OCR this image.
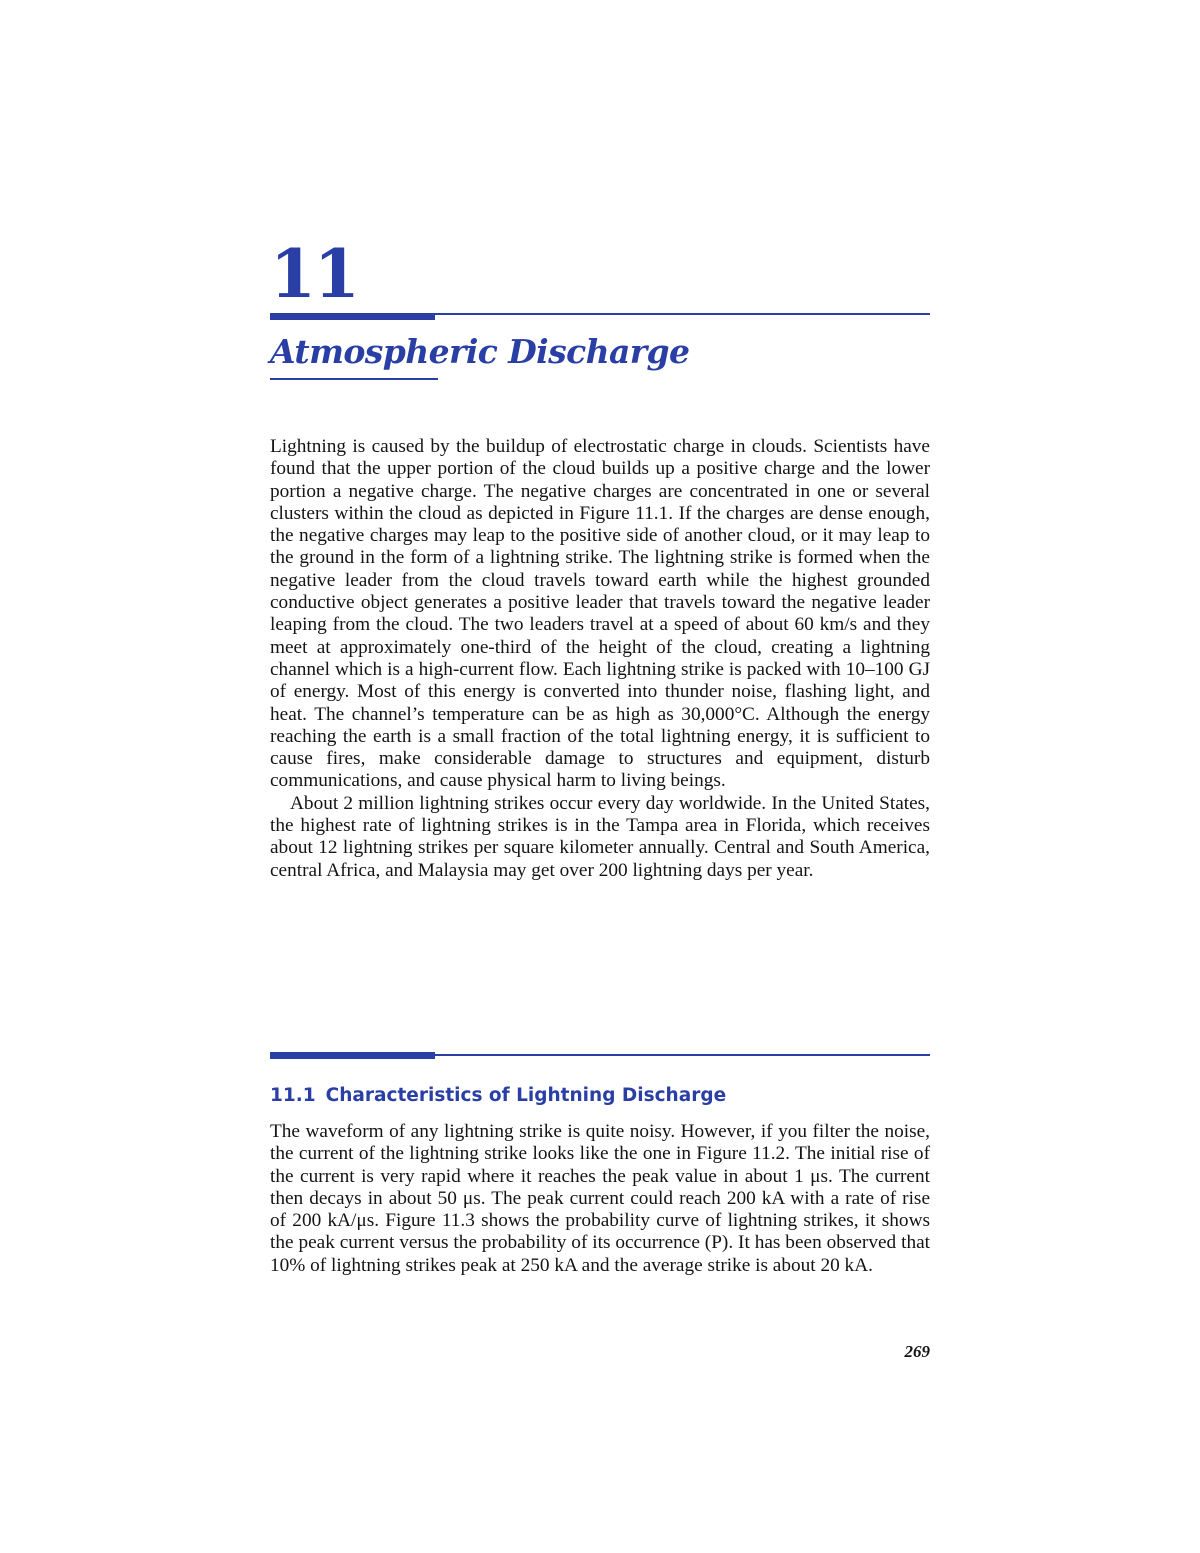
11
Atmospheric Discharge

Lightning is caused by the buildup of electrostatic charge in clouds. Scientists have found that the upper portion of the cloud builds up a positive charge and the lower portion a negative charge. The negative charges are concentrated in one or several clusters within the cloud as depicted in Figure 11.1. If the charges are dense enough, the negative charges may leap to the positive side of another cloud, or it may leap to the ground in the form of a lightning strike. The lightning strike is formed when the negative leader from the cloud travels toward earth while the highest grounded conductive object generates a positive leader that travels toward the negative leader leaping from the cloud. The two leaders travel at a speed of about 60 km/s and they meet at approximately one-third of the height of the cloud, creating a lightning channel which is a high-current flow. Each lightning strike is packed with 10–100 GJ of energy. Most of this energy is converted into thunder noise, flashing light, and heat. The channel’s temperature can be as high as 30,000°C. Although the energy reaching the earth is a small fraction of the total lightning energy, it is sufficient to cause fires, make considerable damage to structures and equipment, disturb communications, and cause physical harm to living beings.

About 2 million lightning strikes occur every day worldwide. In the United States, the highest rate of lightning strikes is in the Tampa area in Florida, which receives about 12 lightning strikes per square kilometer annually. Central and South America, central Africa, and Malaysia may get over 200 lightning days per year.

11.1 Characteristics of Lightning Discharge

The waveform of any lightning strike is quite noisy. However, if you filter the noise, the current of the lightning strike looks like the one in Figure 11.2. The initial rise of the current is very rapid where it reaches the peak value in about 1 μs. The current then decays in about 50 μs. The peak current could reach 200 kA with a rate of rise of 200 kA/μs. Figure 11.3 shows the probability curve of lightning strikes, it shows the peak current versus the probability of its occurrence (P). It has been observed that 10% of lightning strikes peak at 250 kA and the average strike is about 20 kA.

269
